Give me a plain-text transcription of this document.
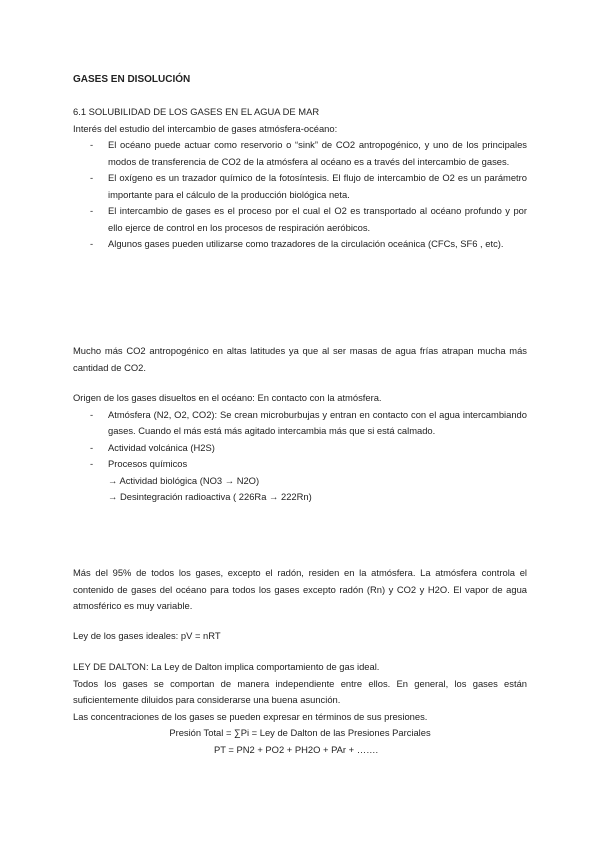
GASES EN DISOLUCIÓN

6.1 SOLUBILIDAD DE LOS GASES EN EL AGUA DE MAR

Interés del estudio del intercambio de gases atmósfera-océano:

- El océano puede actuar como reservorio o “sink” de CO2 antropogénico, y uno de los principales modos de transferencia de CO2 de la atmósfera al océano es a través del intercambio de gases.
- El oxígeno es un trazador químico de la fotosíntesis. El flujo de intercambio de O2 es un parámetro importante para el cálculo de la producción biológica neta.
- El intercambio de gases es el proceso por el cual el O2 es transportado al océano profundo y por ello ejerce de control en los procesos de respiración aeróbicos.
- Algunos gases pueden utilizarse como trazadores de la circulación oceánica (CFCs, SF6 , etc).

Mucho más CO2 antropogénico en altas latitudes ya que al ser masas de agua frías atrapan mucha más cantidad de CO2.

Origen de los gases disueltos en el océano: En contacto con la atmósfera.

- Atmósfera (N2, O2, CO2): Se crean microburbujas y entran en contacto con el agua intercambiando gases. Cuando el más está más agitado intercambia más que si está calmado.
- Actividad volcánica (H2S)
- Procesos químicos
→ Actividad biológica (NO3 → N2O)
→ Desintegración radioactiva ( 226Ra → 222Rn)

Más del 95% de todos los gases, excepto el radón, residen en la atmósfera. La atmósfera controla el contenido de gases del océano para todos los gases excepto radón (Rn) y CO2 y H2O. El vapor de agua atmosférico es muy variable.

Ley de los gases ideales: pV = nRT

LEY DE DALTON: La Ley de Dalton implica comportamiento de gas ideal.

Todos los gases se comportan de manera independiente entre ellos. En general, los gases están suficientemente diluidos para considerarse una buena asunción.

Las concentraciones de los gases se pueden expresar en términos de sus presiones.

Presión Total = ∑Pi = Ley de Dalton de las Presiones Parciales

PT = PN2 + PO2 + PH2O + PAr + …….
